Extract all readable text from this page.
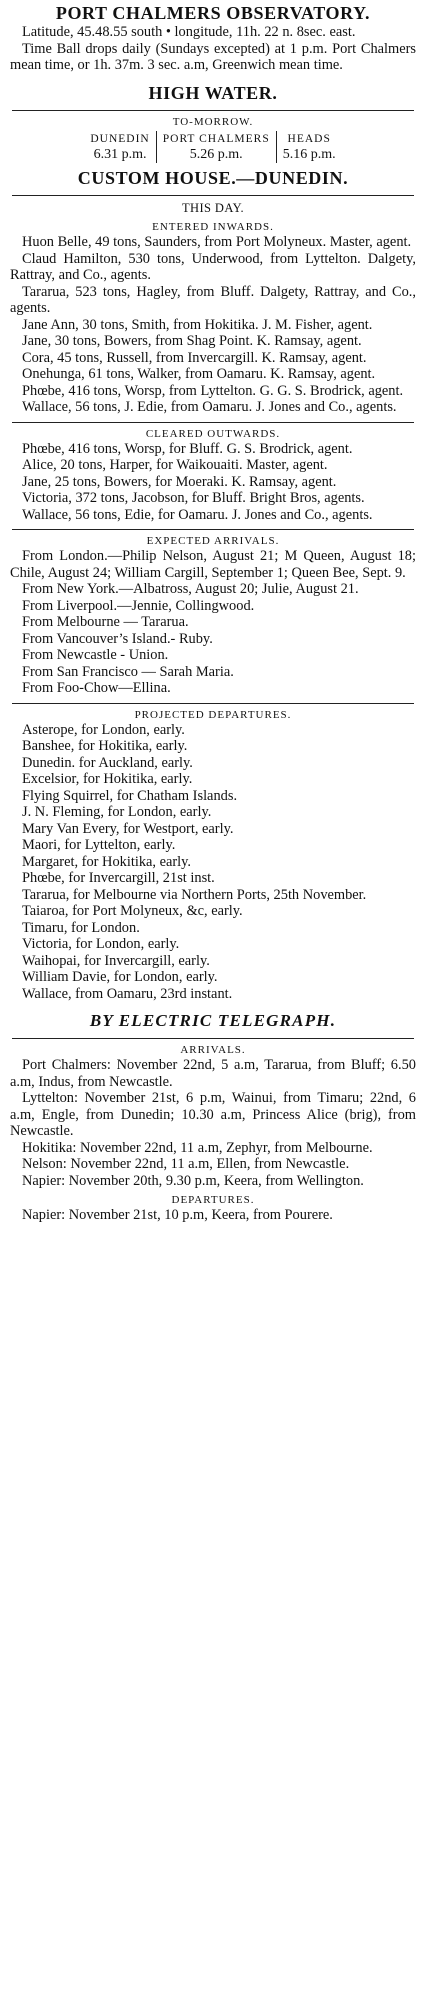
PORT CHALMERS OBSERVATORY.

Latitude, 45.48.55 south • longitude, 11h. 22 n. 8sec. east.

Time Ball drops daily (Sundays excepted) at 1 p.m. Port Chalmers mean time, or 1h. 37m. 3 sec. a.m, Greenwich mean time.

HIGH WATER.

TO-MORROW.

DUNEDIN
6.31 p.m.
PORT CHALMERS
5.26 p.m.
HEADS
5.16 p.m.
CUSTOM HOUSE.—DUNEDIN.

THIS DAY.

ENTERED INWARDS.

Huon Belle, 49 tons, Saunders, from Port Molyneux. Master, agent.

Claud Hamilton, 530 tons, Underwood, from Lyttelton. Dalgety, Rattray, and Co., agents.

Tararua, 523 tons, Hagley, from Bluff. Dalgety, Rattray, and Co., agents.

Jane Ann, 30 tons, Smith, from Hokitika. J. M. Fisher, agent.

Jane, 30 tons, Bowers, from Shag Point. K. Ramsay, agent.

Cora, 45 tons, Russell, from Invercargill. K. Ramsay, agent.

Onehunga, 61 tons, Walker, from Oamaru. K. Ramsay, agent.

Phœbe, 416 tons, Worsp, from Lyttelton. G. G. S. Brodrick, agent.

Wallace, 56 tons, J. Edie, from Oamaru. J. Jones and Co., agents.

CLEARED OUTWARDS.

Phœbe, 416 tons, Worsp, for Bluff. G. S. Brodrick, agent.

Alice, 20 tons, Harper, for Waikouaiti. Master, agent.

Jane, 25 tons, Bowers, for Moeraki. K. Ramsay, agent.

Victoria, 372 tons, Jacobson, for Bluff. Bright Bros, agents.

Wallace, 56 tons, Edie, for Oamaru. J. Jones and Co., agents.

EXPECTED ARRIVALS.

From London.—Philip Nelson, August 21; M Queen, August 18; Chile, August 24; William Cargill, September 1; Queen Bee, Sept. 9.

From New York.—Albatross, August 20; Julie, August 21.

From Liverpool.—Jennie, Collingwood.

From Melbourne — Tararua.

From Vancouver’s Island.- Ruby.

From Newcastle - Union.

From San Francisco — Sarah Maria.

From Foo-Chow—Ellina.

PROJECTED DEPARTURES.

Asterope, for London, early.

Banshee, for Hokitika, early.

Dunedin. for Auckland, early.

Excelsior, for Hokitika, early.

Flying Squirrel, for Chatham Islands.

J. N. Fleming, for London, early.

Mary Van Every, for Westport, early.

Maori, for Lyttelton, early.

Margaret, for Hokitika, early.

Phœbe, for Invercargill, 21st inst.

Tararua, for Melbourne via Northern Ports, 25th November.

Taiaroa, for Port Molyneux, &c, early.

Timaru, for London.

Victoria, for London, early.

Waihopai, for Invercargill, early.

William Davie, for London, early.

Wallace, from Oamaru, 23rd instant.

BY ELECTRIC TELEGRAPH.

ARRIVALS.

Port Chalmers: November 22nd, 5 a.m, Tararua, from Bluff; 6.50 a.m, Indus, from Newcastle.

Lyttelton: November 21st, 6 p.m, Wainui, from Timaru; 22nd, 6 a.m, Engle, from Dunedin; 10.30 a.m, Princess Alice (brig), from Newcastle.

Hokitika: November 22nd, 11 a.m, Zephyr, from Melbourne.

Nelson: November 22nd, 11 a.m, Ellen, from Newcastle.

Napier: November 20th, 9.30 p.m, Keera, from Wellington.

DEPARTURES.

Napier: November 21st, 10 p.m, Keera, from Pourere.
